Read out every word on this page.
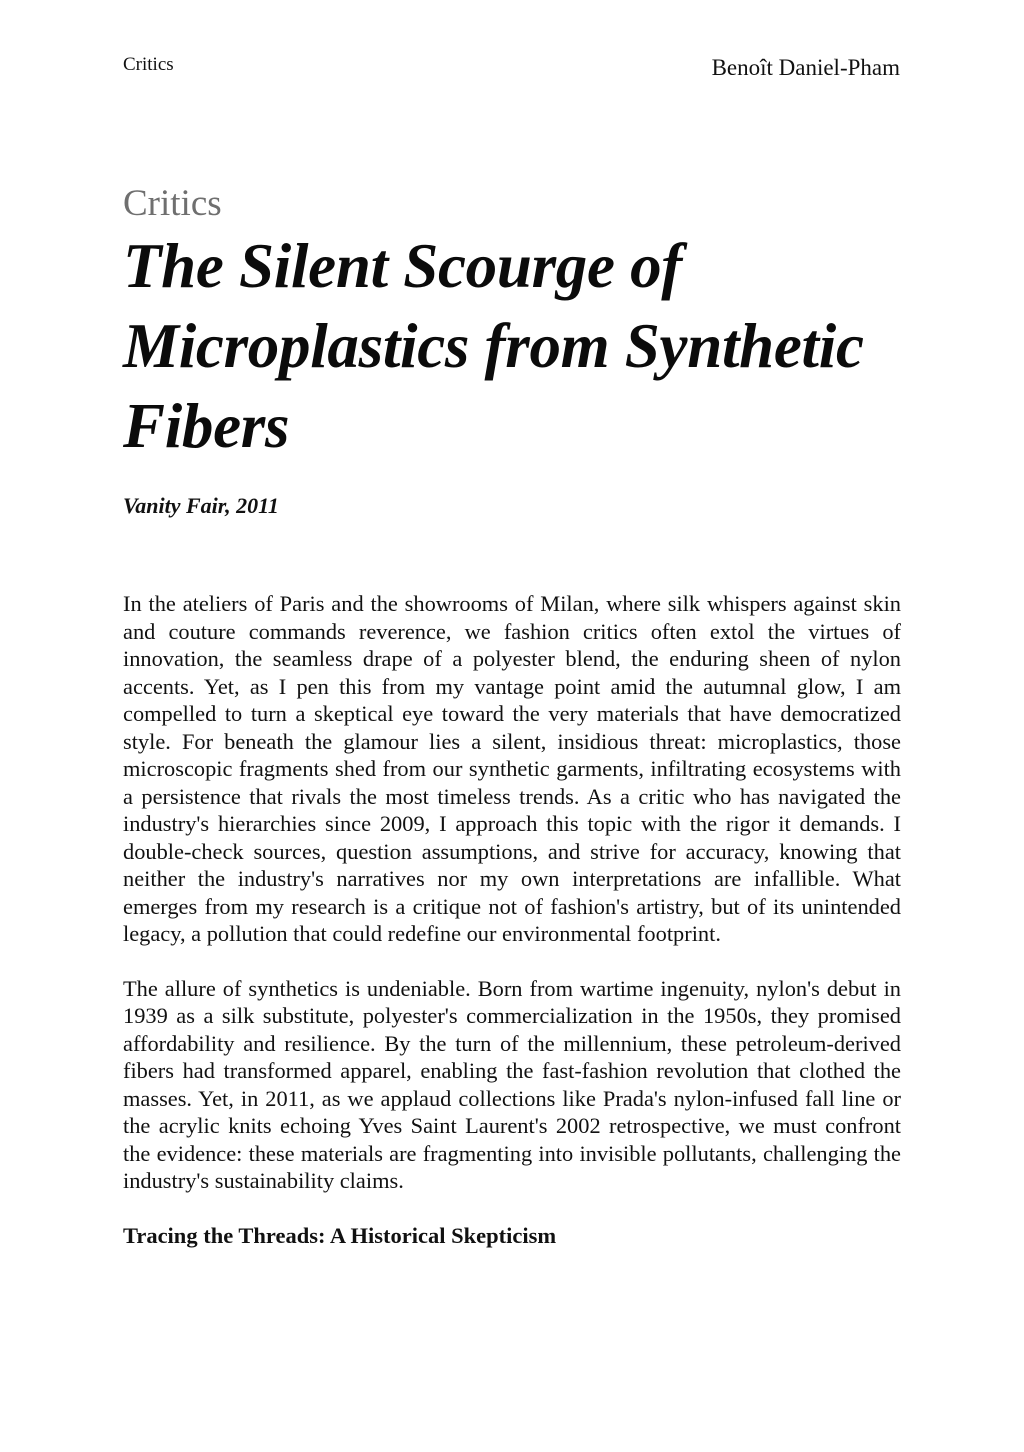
Critics	Benoît Daniel-Pham
Critics
The Silent Scourge of Microplastics from Synthetic Fibers
Vanity Fair, 2011

In the ateliers of Paris and the showrooms of Milan, where silk whispers against skin and couture commands reverence, we fashion critics often extol the virtues of innovation, the seamless drape of a polyester blend, the enduring sheen of nylon accents. Yet, as I pen this from my vantage point amid the autumnal glow, I am compelled to turn a skeptical eye toward the very materials that have democratized style. For beneath the glamour lies a silent, insidious threat: microplastics, those microscopic fragments shed from our synthetic garments, infiltrating ecosystems with a persistence that rivals the most timeless trends. As a critic who has navigated the industry's hierarchies since 2009, I approach this topic with the rigor it demands. I double-check sources, question assumptions, and strive for accuracy, knowing that neither the industry's narratives nor my own interpretations are infallible. What emerges from my research is a critique not of fashion's artistry, but of its unintended legacy, a pollution that could redefine our environmental footprint.

The allure of synthetics is undeniable. Born from wartime ingenuity, nylon's debut in 1939 as a silk substitute, polyester's commercialization in the 1950s, they promised affordability and resilience. By the turn of the millennium, these petroleum-derived fibers had transformed apparel, enabling the fast-fashion revolution that clothed the masses. Yet, in 2011, as we applaud collections like Prada's nylon-infused fall line or the acrylic knits echoing Yves Saint Laurent's 2002 retrospective, we must confront the evidence: these materials are fragmenting into invisible pollutants, challenging the industry's sustainability claims.

Tracing the Threads: A Historical Skepticism
